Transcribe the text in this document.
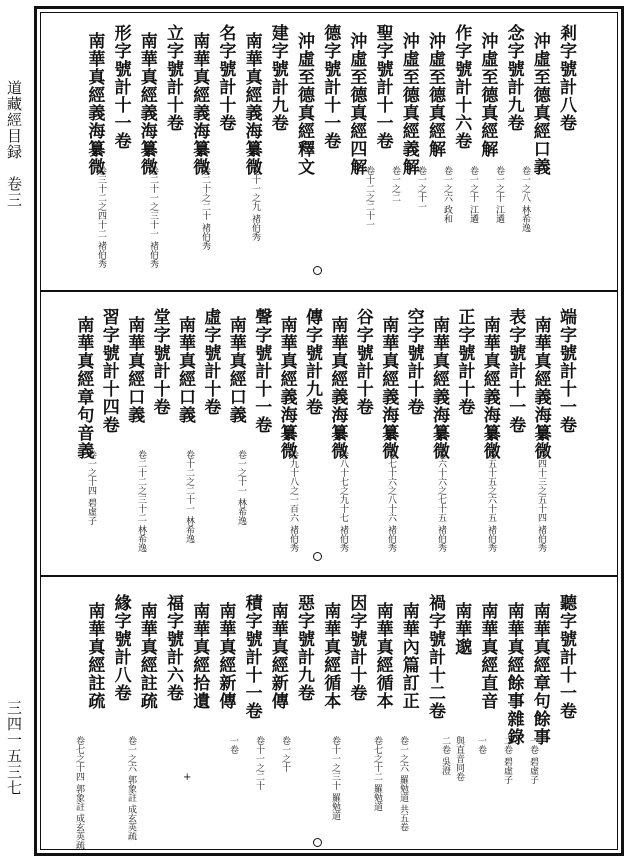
道藏經目録　卷三
三四一五三七
剎字號計八卷
沖虛至德真經口義
念字號計九卷
沖虛至德真經解
作字號計十六卷
沖虛至德真經解
沖虛至德真經義解
聖字號計十一卷
沖虛至德真經四解
德字號計十一卷
沖虛至德真經釋文
建字號計九卷
南華真經義海纂微
名字號計十卷
南華真經義海纂微
立字號計十卷
南華真經義海纂微
形字號計十一卷
南華真經義海纂微
卷一之八 林希逸
卷一之十 江遹
卷一之十 江遹
卷一之六 政和
卷一之十一
卷一之二
卷十二之二十一
卷十一之九 褚伯秀
卷二十之二十 褚伯秀
卷二十一之三十一 褚伯秀
卷三十二之四十二 褚伯秀
端字號計十一卷
南華真經義海纂微
表字號計十一卷
南華真經義海纂微
正字號計十卷
南華真經義海纂微
空字號計十卷
南華真經義海纂微
谷字號計十卷
南華真經義海纂微
傳字號計九卷
南華真經義海纂微
聲字號計十一卷
南華真經口義
虛字號計十卷
南華真經口義
堂字號計十卷
南華真經口義
習字號計十四卷
南華真經章句音義
卷四十三之五十四 褚伯秀
卷五十五之六十五 褚伯秀
卷六十六之七十五 褚伯秀
卷七十六之八十六 褚伯秀
卷八十七之九十七 褚伯秀
卷九十八之一百六 褚伯秀
卷一之十一 林希逸
卷十二之二十一 林希逸
卷二十二之三十二 林希逸
卷一之十四 碧虛子
聽字號計十一卷
南華真經章句餘事
南華真經餘事雜錄
南華真經直音
南華邈
禍字號計十二卷
南華內篇訂正
南華真經循本
因字號計十卷
南華真經循本
惡字號計九卷
南華真經新傳
積字號計十一卷
南華真經新傳
南華真經拾遺
福字號計六卷
南華真經註疏
緣字號計八卷
南華真經註疏
一卷 碧虛子
二卷 碧虛子
一卷
與直音同卷
二卷 吳澄
卷一之六 羅勉道 共五卷
卷七之十二 羅勉道
卷十一之三十 羅勉道
卷一之十
卷十一之二十
一卷
卷一之六 郭象註 成玄英疏
卷七之十四 郭象註 成玄英疏	+
